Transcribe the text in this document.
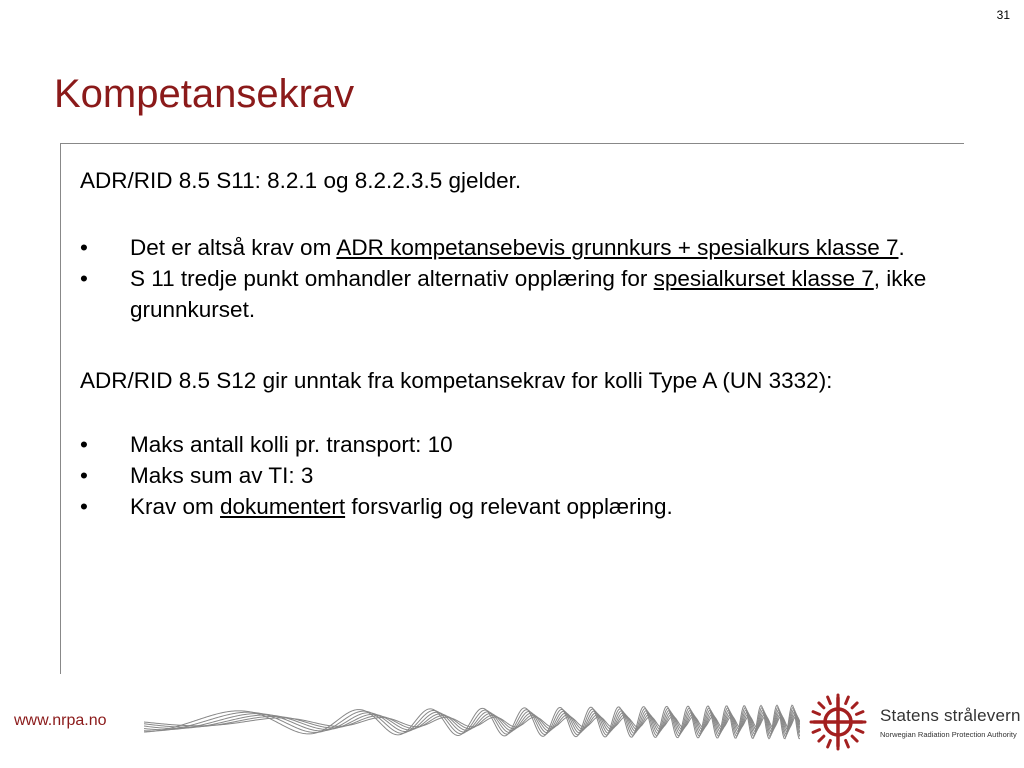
31
Kompetansekrav

ADR/RID 8.5 S11: 8.2.1 og 8.2.2.3.5 gjelder.

• Det er altså krav om ADR kompetansebevis grunnkurs + spesialkurs klasse 7.
• S 11 tredje punkt omhandler alternativ opplæring for spesialkurset klasse 7, ikke grunnkurset.

ADR/RID 8.5 S12 gir unntak fra kompetansekrav for kolli Type A (UN 3332):

• Maks antall kolli pr. transport: 10
• Maks sum av TI: 3
• Krav om dokumentert forsvarlig og relevant opplæring.
www.nrpa.no	Statens strålevern
Norwegian Radiation Protection Authority
